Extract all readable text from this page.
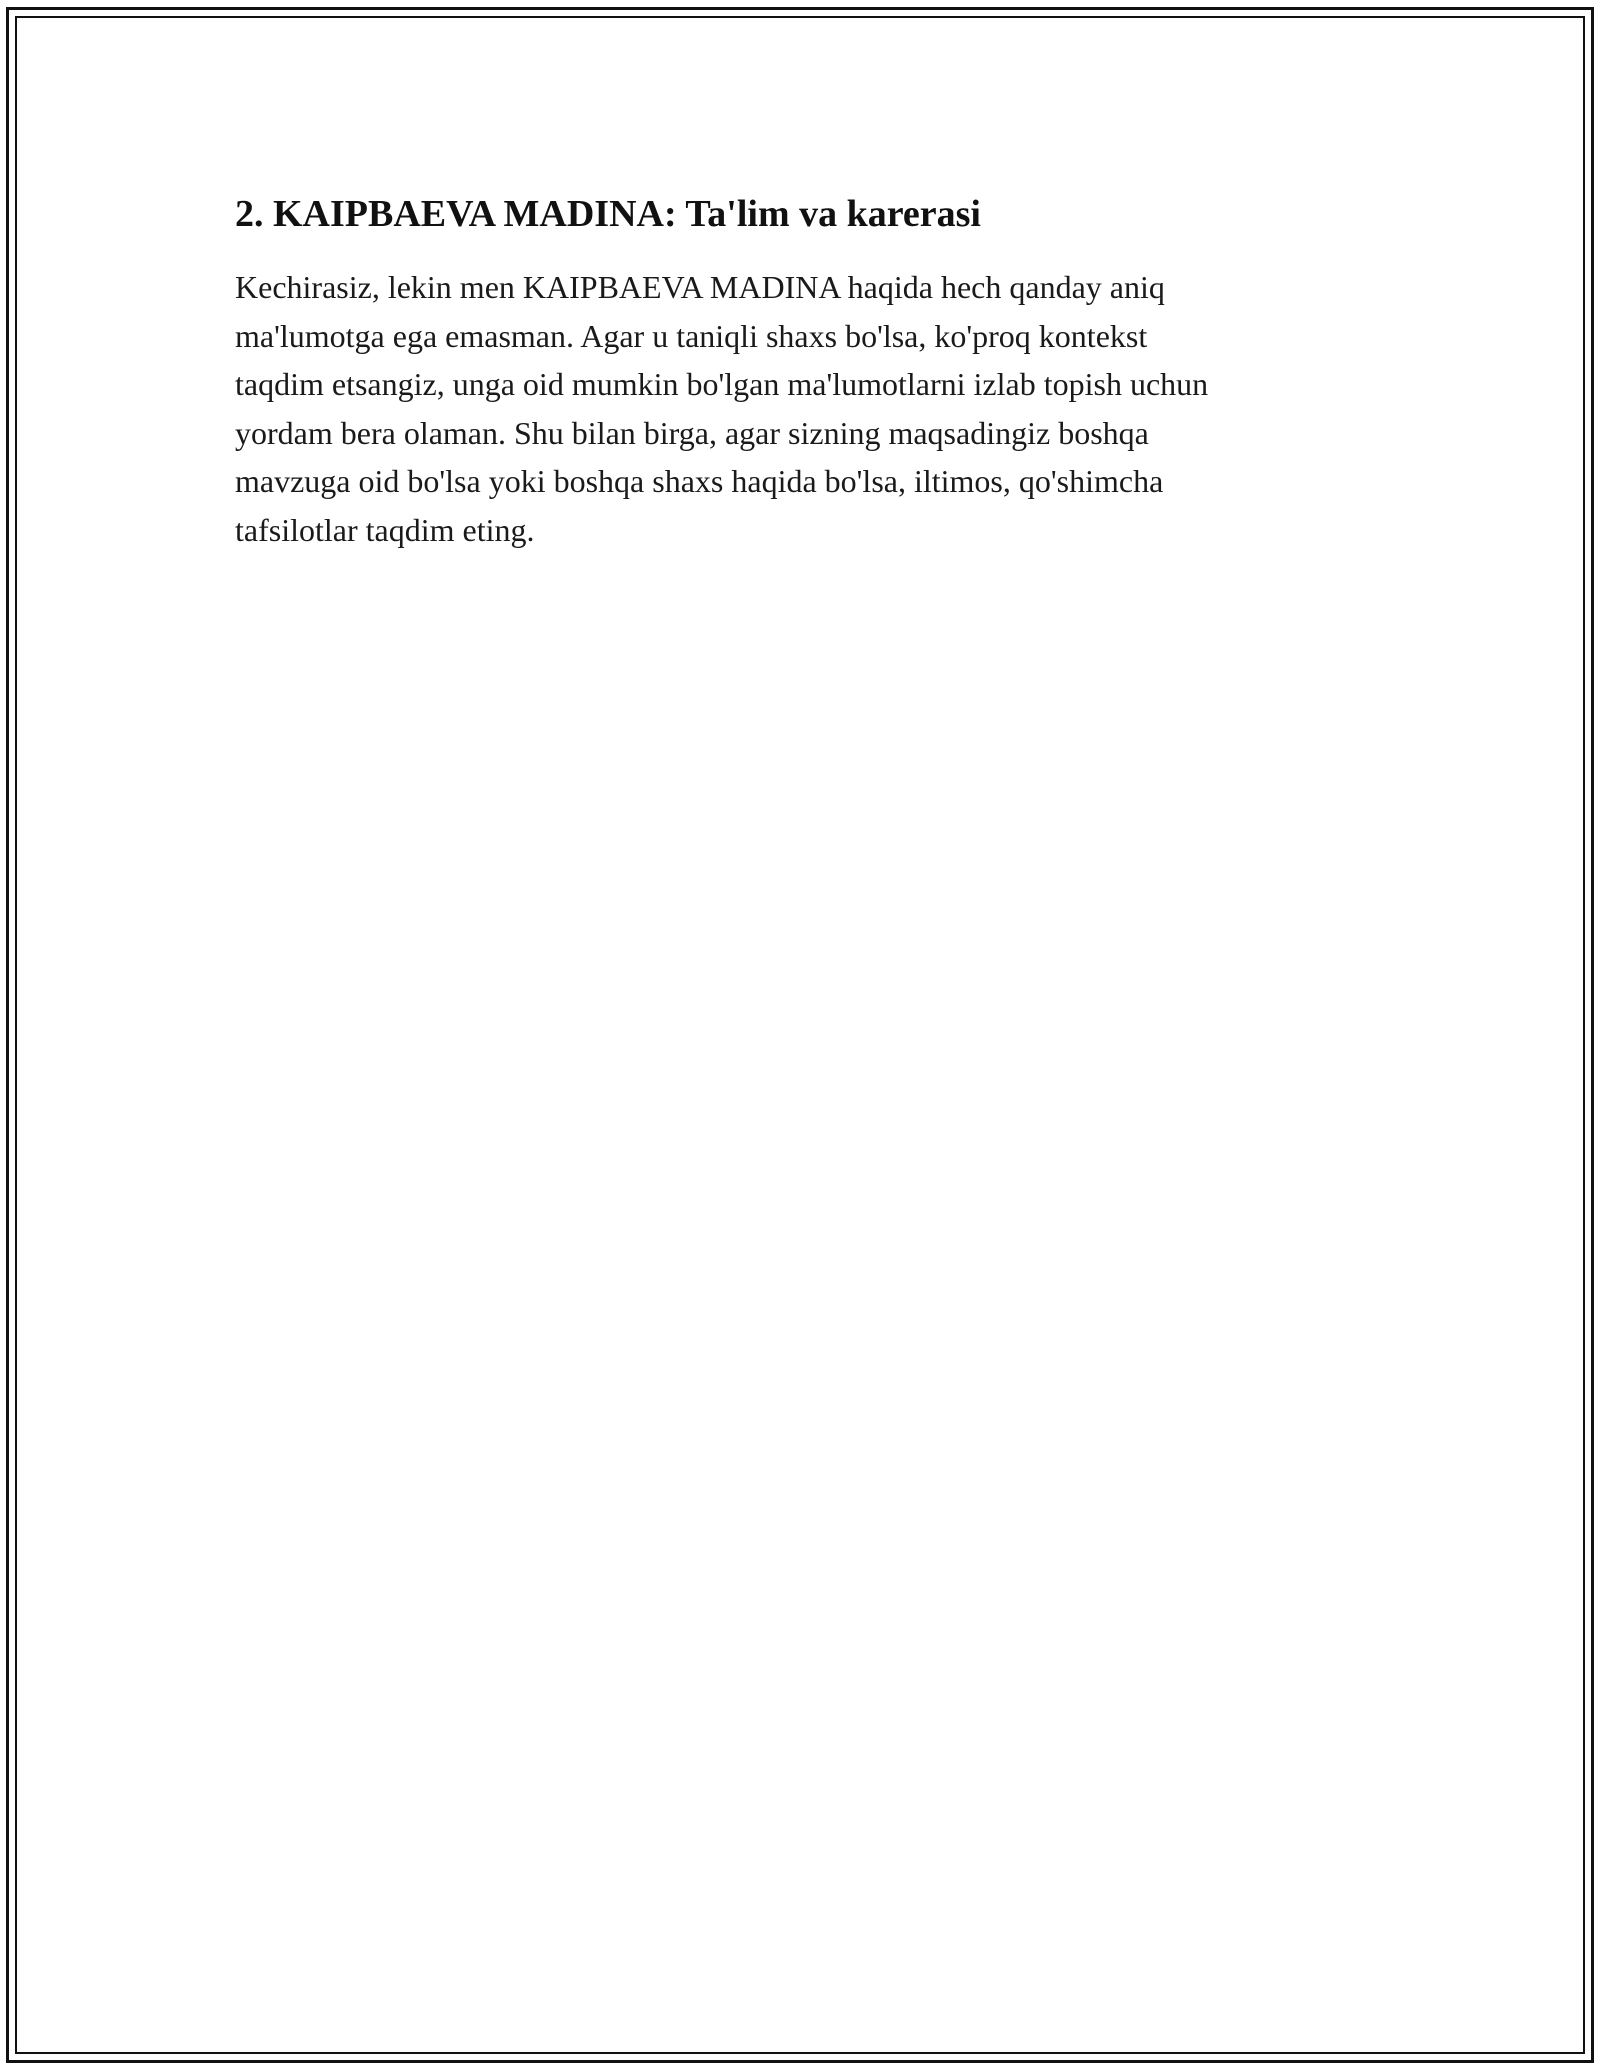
2. KAIPBAEVA MADINA: Ta'lim va karerasi

Kechirasiz, lekin men KAIPBAEVA MADINA haqida hech qanday aniq
ma'lumotga ega emasman. Agar u taniqli shaxs bo'lsa, ko'proq kontekst
taqdim etsangiz, unga oid mumkin bo'lgan ma'lumotlarni izlab topish uchun
yordam bera olaman. Shu bilan birga, agar sizning maqsadingiz boshqa
mavzuga oid bo'lsa yoki boshqa shaxs haqida bo'lsa, iltimos, qo'shimcha
tafsilotlar taqdim eting.
